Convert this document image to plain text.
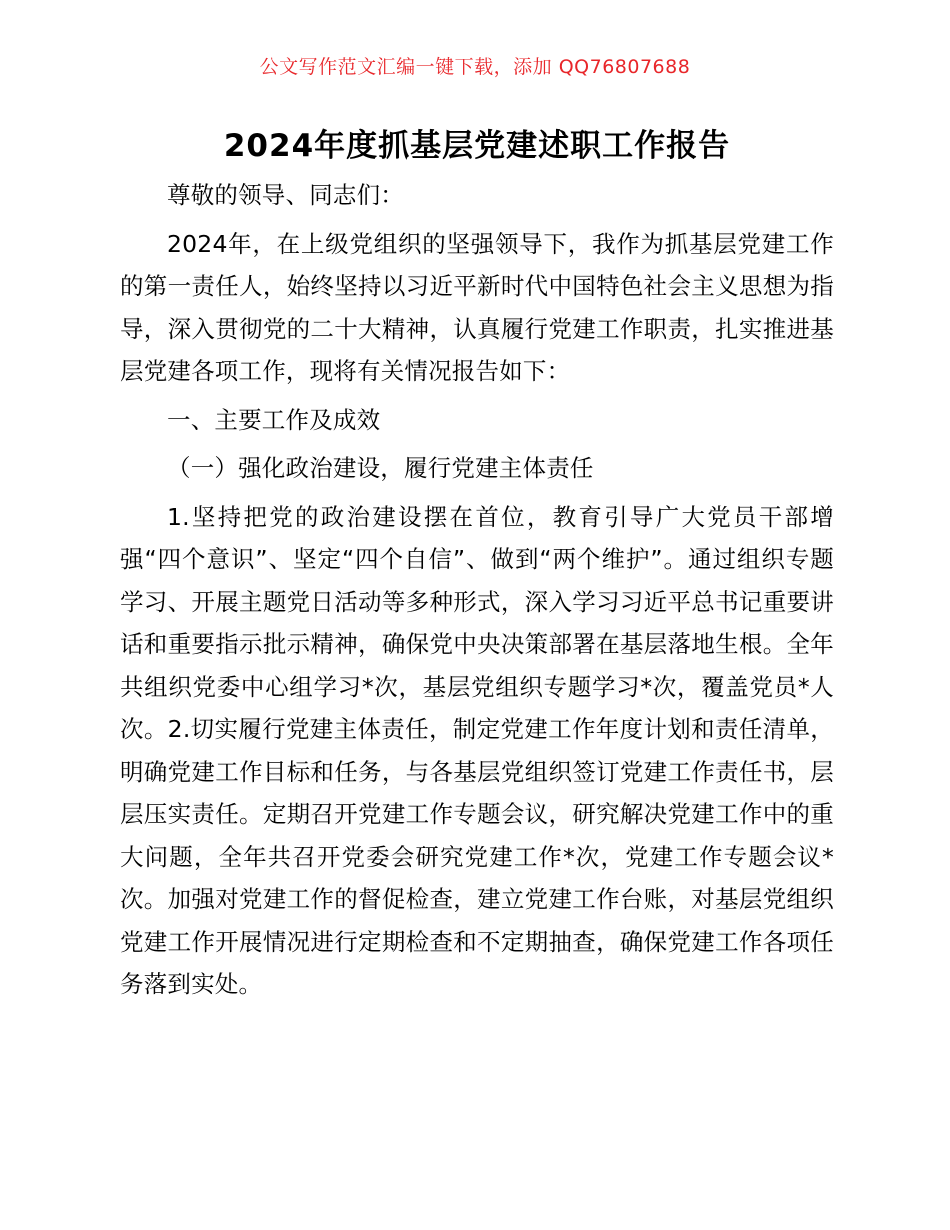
公文写作范文汇编一键下载，添加 QQ76807688
2024年度抓基层党建述职工作报告

尊敬的领导、同志们：

2024年，在上级党组织的坚强领导下，我作为抓基层党建工作的第一责任人，始终坚持以习近平新时代中国特色社会主义思想为指导，深入贯彻党的二十大精神，认真履行党建工作职责，扎实推进基层党建各项工作，现将有关情况报告如下：

一、主要工作及成效

（一）强化政治建设，履行党建主体责任

1.坚持把党的政治建设摆在首位，教育引导广大党员干部增强“四个意识”、坚定“四个自信”、做到“两个维护”。通过组织专题学习、开展主题党日活动等多种形式，深入学习习近平总书记重要讲话和重要指示批示精神，确保党中央决策部署在基层落地生根。全年共组织党委中心组学习*次，基层党组织专题学习*次，覆盖党员*人次。2.切实履行党建主体责任，制定党建工作年度计划和责任清单，明确党建工作目标和任务，与各基层党组织签订党建工作责任书，层层压实责任。定期召开党建工作专题会议，研究解决党建工作中的重大问题，全年共召开党委会研究党建工作*次，党建工作专题会议*次。加强对党建工作的督促检查，建立党建工作台账，对基层党组织党建工作开展情况进行定期检查和不定期抽查，确保党建工作各项任务落到实处。
